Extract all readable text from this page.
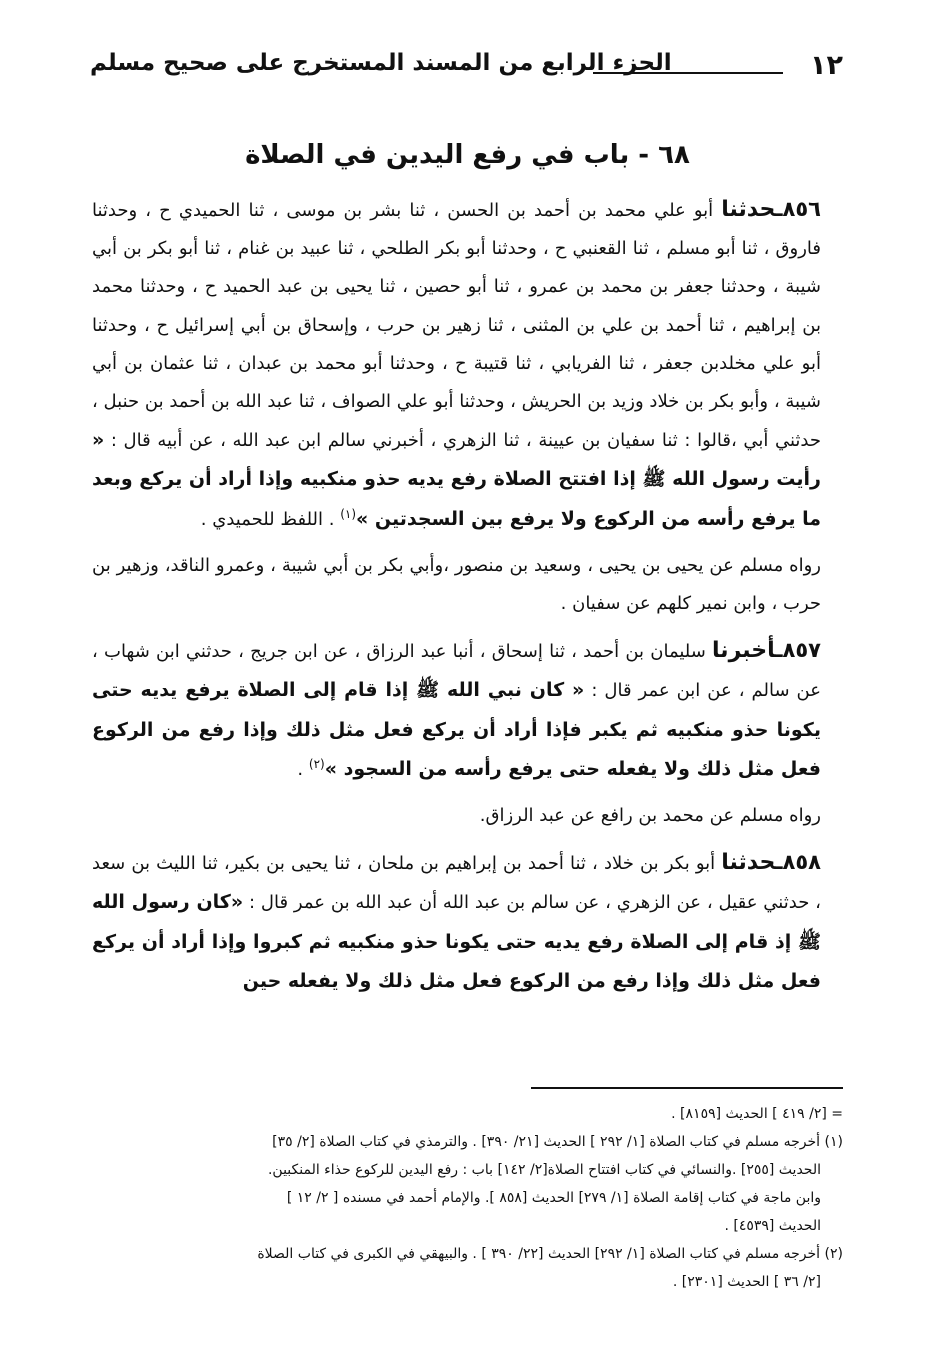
١٢
الجزء الرابع من المسند المستخرج على صحيح مسلم
٦٨ - باب في رفع اليدين في الصلاة

٨٥٦ـحدثنا أبو علي محمد بن أحمد بن الحسن ، ثنا بشر بن موسى ، ثنا الحميدي ح ، وحدثنا فاروق ، ثنا أبو مسلم ، ثنا القعنبي ح ، وحدثنا أبو بكر الطلحي ، ثنا عبيد بن غنام ، ثنا أبو بكر بن أبي شيبة ، وحدثنا جعفر بن محمد بن عمرو ، ثنا أبو حصين ، ثنا يحيى بن عبد الحميد ح ، وحدثنا محمد بن إبراهيم ، ثنا أحمد بن علي بن المثنى ، ثنا زهير بن حرب ، وإسحاق بن أبي إسرائيل ح ، وحدثنا أبو علي مخلدبن جعفر ، ثنا الفريابي ، ثنا قتيبة ح ، وحدثنا أبو محمد بن عبدان ، ثنا عثمان بن أبي شيبة ، وأبو بكر بن خلاد وزيد بن الحريش ، وحدثنا أبو علي الصواف ، ثنا عبد الله بن أحمد بن حنبل ، حدثني أبي ،قالوا : ثنا سفيان بن عيينة ، ثنا الزهري ، أخبرني سالم ابن عبد الله ، عن أبيه قال : « رأيت رسول الله ﷺ إذا افتتح الصلاة رفع يديه حذو منكبيه وإذا أراد أن يركع وبعد ما يرفع رأسه من الركوع ولا يرفع بين السجدتين »$^{(١)}$ . اللفظ للحميدي .

رواه مسلم عن يحيى بن يحيى ، وسعيد بن منصور ،وأبي بكر بن أبي شيبة ، وعمرو الناقد، وزهير بن حرب ، وابن نمير كلهم عن سفيان .

٨٥٧ـأخبرنا سليمان بن أحمد ، ثنا إسحاق ، أنبا عبد الرزاق ، عن ابن جريج ، حدثني ابن شهاب ، عن سالم ، عن ابن عمر قال : « كان نبي الله ﷺ إذا قام إلى الصلاة يرفع يديه حتى يكونا حذو منكبيه ثم يكبر فإذا أراد أن يركع فعل مثل ذلك وإذا رفع من الركوع فعل مثل ذلك ولا يفعله حتى يرفع رأسه من السجود »$^{(٢)}$ .

رواه مسلم عن محمد بن رافع عن عبد الرزاق.

٨٥٨ـحدثنا أبو بكر بن خلاد ، ثنا أحمد بن إبراهيم بن ملحان ، ثنا يحيى بن بكير، ثنا الليث بن سعد ، حدثني عقيل ، عن الزهري ، عن سالم بن عبد الله أن عبد الله بن عمر قال : «كان رسول الله ﷺ إذ قام إلى الصلاة رفع يديه حتى يكونا حذو منكبيه ثم كبروا وإذا أراد أن يركع فعل مثل ذلك وإذا رفع من الركوع فعل مثل ذلك ولا يفعله حين

= [٢/ ٤١٩ ] الحديث [٨١٥٩] .

(١) أخرجه مسلم في كتاب الصلاة [١/ ٢٩٢ ] الحديث [٢١/ ٣٩٠] . والترمذي في كتاب الصلاة [٢/ ٣٥]

الحديث [٢٥٥] .والنسائي في كتاب افتتاح الصلاة[٢/ ١٤٢] باب : رفع اليدين للركوع حذاء المنكبين.

وابن ماجة في كتاب إقامة الصلاة [١/ ٢٧٩] الحديث [٨٥٨ ]. والإمام أحمد في مسنده [ ٢/ ١٢ ]

الحديث [٤٥٣٩] .

(٢) أخرجه مسلم في كتاب الصلاة [١/ ٢٩٢] الحديث [٢٢/ ٣٩٠ ] . والبيهقي في الكبرى في كتاب الصلاة

[٢/ ٣٦ ] الحديث [٢٣٠١] .
